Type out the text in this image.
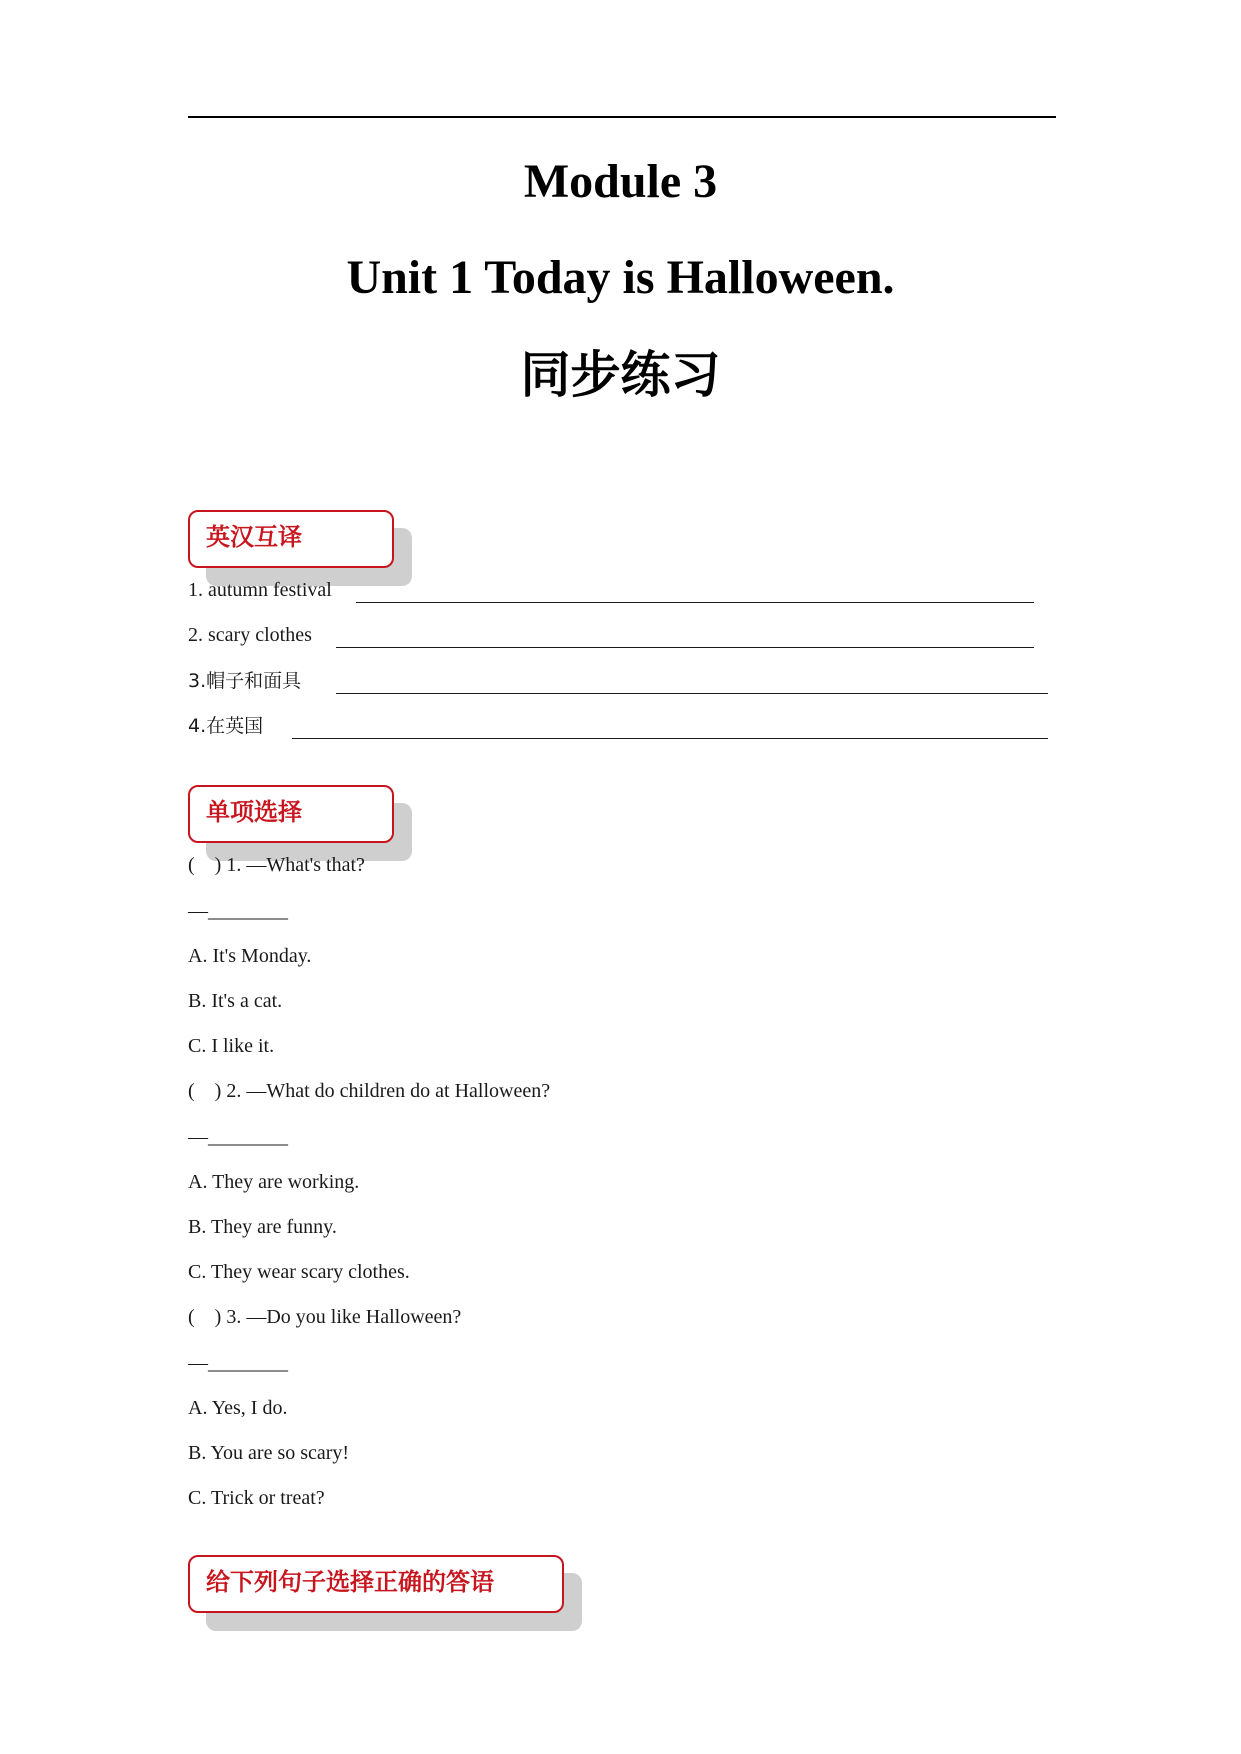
Module 3
Unit 1 Today is Halloween.
同步练习
英汉互译
1. autumn festival
2. scary clothes
3.帽子和面具
4.在英国
单项选择
(    ) 1. —What's that?
—________
A. It's Monday.
B. It's a cat.
C. I like it.
(    ) 2. —What do children do at Halloween?
—________
A. They are working.
B. They are funny.
C. They wear scary clothes.
(    ) 3. —Do you like Halloween?
—________
A. Yes, I do.
B. You are so scary!
C. Trick or treat?
给下列句子选择正确的答语
